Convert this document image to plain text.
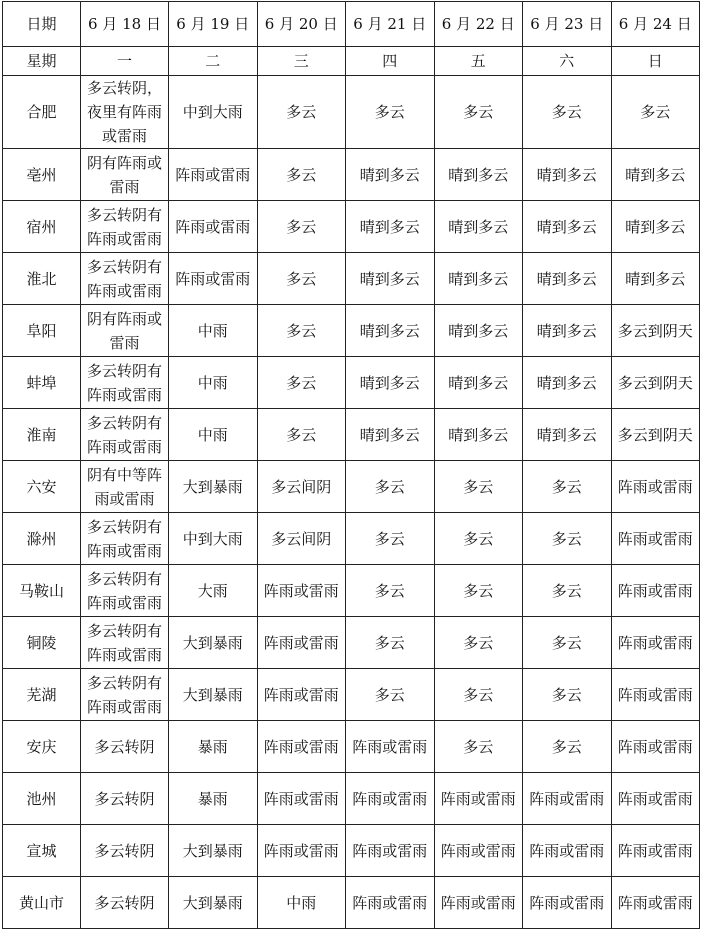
日期	6 月 18 日	6 月 19 日	6 月 20 日	6 月 21 日	6 月 22 日	6 月 23 日	6 月 24 日
星期	一	二	三	四	五	六	日
合肥	多云转阴，夜里有阵雨或雷雨	中到大雨	多云	多云	多云	多云	多云
亳州	阴有阵雨或雷雨	阵雨或雷雨	多云	晴到多云	晴到多云	晴到多云	晴到多云
宿州	多云转阴有阵雨或雷雨	阵雨或雷雨	多云	晴到多云	晴到多云	晴到多云	晴到多云
淮北	多云转阴有阵雨或雷雨	阵雨或雷雨	多云	晴到多云	晴到多云	晴到多云	晴到多云
阜阳	阴有阵雨或雷雨	中雨	多云	晴到多云	晴到多云	晴到多云	多云到阴天
蚌埠	多云转阴有阵雨或雷雨	中雨	多云	晴到多云	晴到多云	晴到多云	多云到阴天
淮南	多云转阴有阵雨或雷雨	中雨	多云	晴到多云	晴到多云	晴到多云	多云到阴天
六安	阴有中等阵雨或雷雨	大到暴雨	多云间阴	多云	多云	多云	阵雨或雷雨
滁州	多云转阴有阵雨或雷雨	中到大雨	多云间阴	多云	多云	多云	阵雨或雷雨
马鞍山	多云转阴有阵雨或雷雨	大雨	阵雨或雷雨	多云	多云	多云	阵雨或雷雨
铜陵	多云转阴有阵雨或雷雨	大到暴雨	阵雨或雷雨	多云	多云	多云	阵雨或雷雨
芜湖	多云转阴有阵雨或雷雨	大到暴雨	阵雨或雷雨	多云	多云	多云	阵雨或雷雨
安庆	多云转阴	暴雨	阵雨或雷雨	阵雨或雷雨	多云	多云	阵雨或雷雨
池州	多云转阴	暴雨	阵雨或雷雨	阵雨或雷雨	阵雨或雷雨	阵雨或雷雨	阵雨或雷雨
宣城	多云转阴	大到暴雨	阵雨或雷雨	阵雨或雷雨	阵雨或雷雨	阵雨或雷雨	阵雨或雷雨
黄山市	多云转阴	大到暴雨	中雨	阵雨或雷雨	阵雨或雷雨	阵雨或雷雨	阵雨或雷雨
